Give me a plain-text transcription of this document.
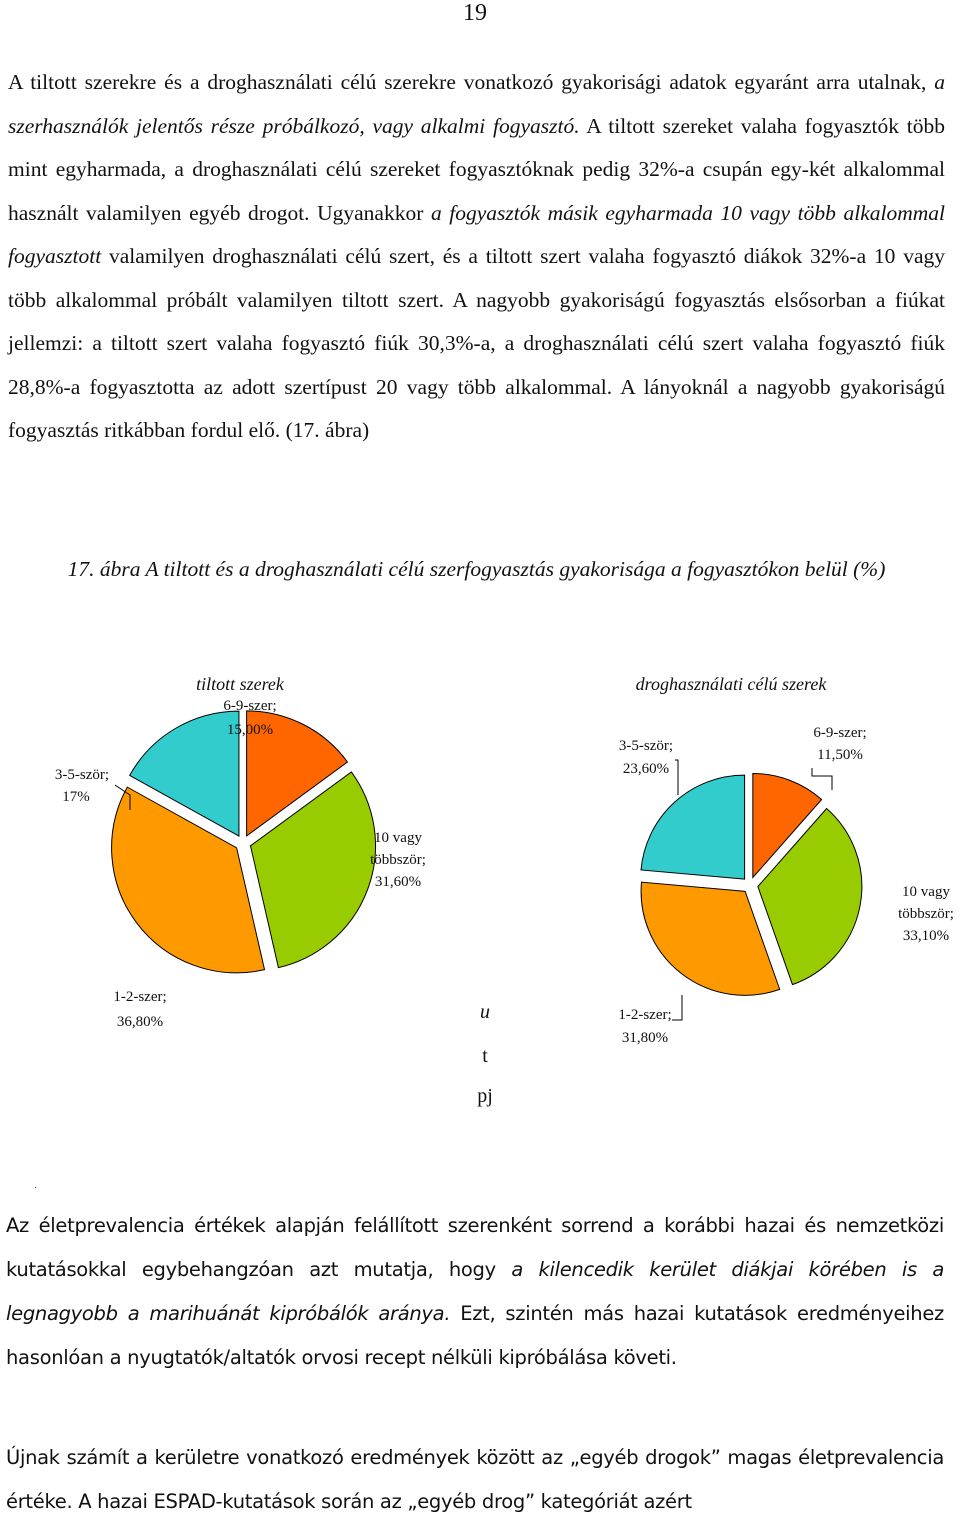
19

A tiltott szerekre és a droghasználati célú szerekre vonatkozó gyakorisági adatok egyaránt arra utalnak, a szerhasználók jelentős része próbálkozó, vagy alkalmi fogyasztó. A tiltott szereket valaha fogyasztók több mint egyharmada, a droghasználati célú szereket fogyasztóknak pedig 32%-a csupán egy-két alkalommal használt valamilyen egyéb drogot. Ugyanakkor a fogyasztók másik egyharmada 10 vagy több alkalommal fogyasztott valamilyen droghasználati célú szert, és a tiltott szert valaha fogyasztó diákok 32%-a 10 vagy több alkalommal próbált valamilyen tiltott szert. A nagyobb gyakoriságú fogyasztás elsősorban a fiúkat jellemzi: a tiltott szert valaha fogyasztó fiúk 30,3%-a, a droghasználati célú szert valaha fogyasztó fiúk 28,8%-a fogyasztotta az adott szertípust 20 vagy több alkalommal. A lányoknál a nagyobb gyakoriságú fogyasztás ritkábban fordul elő. (17. ábra)

17. ábra A tiltott és a droghasználati célú szerfogyasztás gyakorisága a fogyasztókon belül (%)

tiltott szerek	droghasználati célú szerek
6-9-szer;
15,00%
10 vagy
többször;
31,60%
1-2-szer;
36,80%
3-5-ször;
17%
3-5-ször;
23,60%
6-9-szer;
11,50%
10 vagy
többször;
33,10%
1-2-szer;
31,80%
u
t
pj
˙

Az életprevalencia értékek alapján felállított szerenként sorrend a korábbi hazai és nemzetközi kutatásokkal egybehangzóan azt mutatja, hogy a kilencedik kerület diákjai körében is a legnagyobb a marihuánát kipróbálók aránya. Ezt, szintén más hazai kutatások eredményeihez hasonlóan a nyugtatók/altatók orvosi recept nélküli kipróbálása követi.

Újnak számít a kerületre vonatkozó eredmények között az „egyéb drogok” magas életprevalencia értéke. A hazai ESPAD-kutatások során az „egyéb drog” kategóriát azért
